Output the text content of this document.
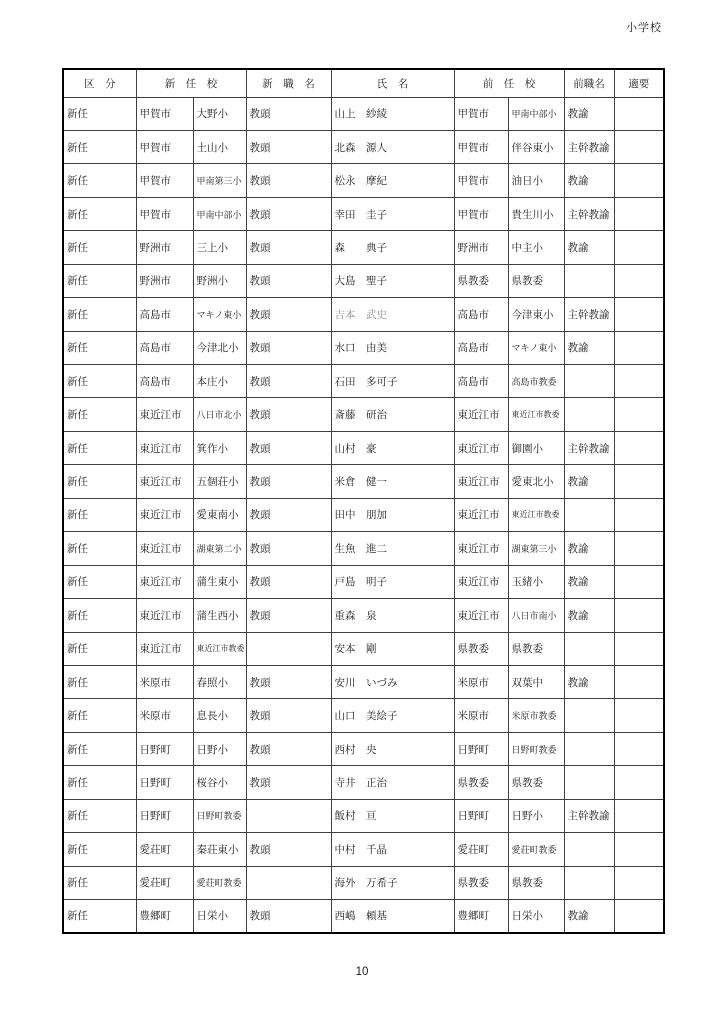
小学校
区　分	新　任　校		新　職　名	氏　名	前　任　校		前職名	適要
新任	甲賀市	大野小	教頭	山上　紗綾	甲賀市	甲南中部小	教諭	
新任	甲賀市	土山小	教頭	北森　源人	甲賀市	伴谷東小	主幹教諭	
新任	甲賀市	甲南第三小	教頭	松永　摩紀	甲賀市	油日小	教諭	
新任	甲賀市	甲南中部小	教頭	幸田　圭子	甲賀市	貴生川小	主幹教諭	
新任	野洲市	三上小	教頭	森　　典子	野洲市	中主小	教諭	
新任	野洲市	野洲小	教頭	大島　聖子	県教委	県教委		
新任	高島市	マキノ東小	教頭	吉本　武史	高島市	今津東小	主幹教諭	
新任	高島市	今津北小	教頭	水口　由美	高島市	マキノ東小	教諭	
新任	高島市	本庄小	教頭	石田　多可子	高島市	高島市教委		
新任	東近江市	八日市北小	教頭	斎藤　研治	東近江市	東近江市教委		
新任	東近江市	箕作小	教頭	山村　豪	東近江市	御園小	主幹教諭	
新任	東近江市	五個荘小	教頭	米倉　健一	東近江市	愛東北小	教諭	
新任	東近江市	愛東南小	教頭	田中　朋加	東近江市	東近江市教委		
新任	東近江市	湖東第二小	教頭	生魚　進二	東近江市	湖東第三小	教諭	
新任	東近江市	蒲生東小	教頭	戸島　明子	東近江市	玉緒小	教諭	
新任	東近江市	蒲生西小	教頭	重森　泉	東近江市	八日市南小	教諭	
新任	東近江市	東近江市教委		安本　剛	県教委	県教委		
新任	米原市	春照小	教頭	安川　いづみ	米原市	双葉中	教諭	
新任	米原市	息長小	教頭	山口　美絵子	米原市	米原市教委		
新任	日野町	日野小	教頭	西村　央	日野町	日野町教委		
新任	日野町	桜谷小	教頭	寺井　正治	県教委	県教委		
新任	日野町	日野町教委		飯村　亘	日野町	日野小	主幹教諭	
新任	愛荘町	秦荘東小	教頭	中村　千晶	愛荘町	愛荘町教委		
新任	愛荘町	愛荘町教委		海外　万希子	県教委	県教委		
新任	豊郷町	日栄小	教頭	西嶋　頼基	豊郷町	日栄小	教諭	
10
